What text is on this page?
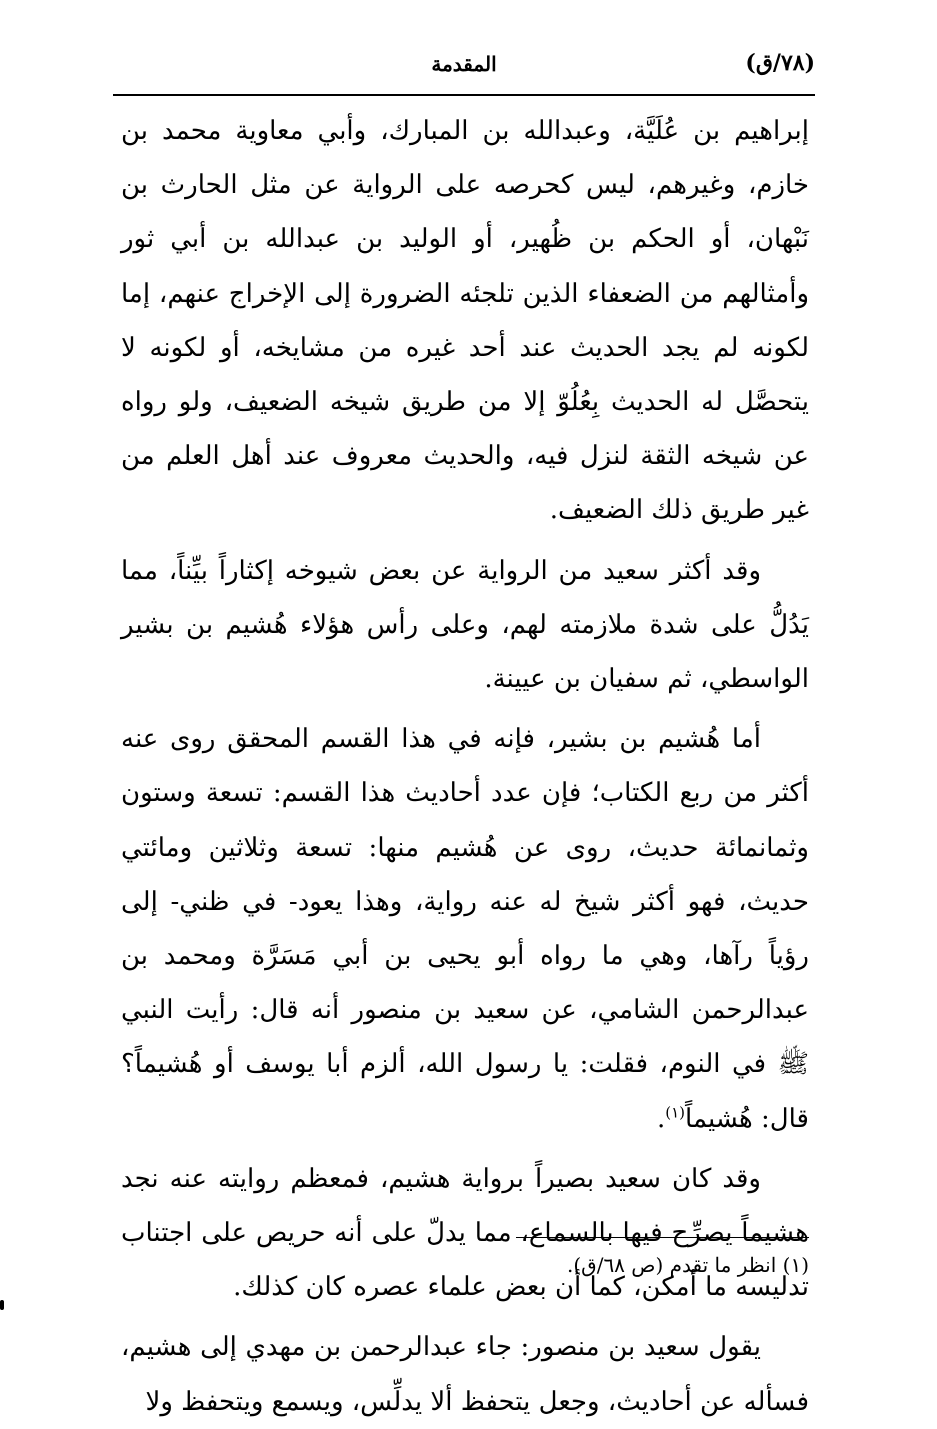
(٧٨/ق)
المقدمة

إبراهيم بن عُلَيَّة، وعبدالله بن المبارك، وأبي معاوية محمد بن خازم، وغيرهم، ليس كحرصه على الرواية عن مثل الحارث بن نَبْهان، أو الحكم بن ظُهير، أو الوليد بن عبدالله بن أبي ثور وأمثالهم من الضعفاء الذين تلجئه الضرورة إلى الإخراج عنهم، إما لكونه لم يجد الحديث عند أحد غيره من مشايخه، أو لكونه لا يتحصَّل له الحديث بِعُلُوّ إلا من طريق شيخه الضعيف، ولو رواه عن شيخه الثقة لنزل فيه، والحديث معروف عند أهل العلم من غير طريق ذلك الضعيف.

وقد أكثر سعيد من الرواية عن بعض شيوخه إكثاراً بيِّناً، مما يَدُلُّ على شدة ملازمته لهم، وعلى رأس هؤلاء هُشيم بن بشير الواسطي، ثم سفيان بن عيينة.

أما هُشيم بن بشير، فإنه في هذا القسم المحقق روى عنه أكثر من ربع الكتاب؛ فإن عدد أحاديث هذا القسم: تسعة وستون وثمانمائة حديث، روى عن هُشيم منها: تسعة وثلاثين ومائتي حديث، فهو أكثر شيخ له عنه رواية، وهذا يعود- في ظني- إلى رؤياً رآها، وهي ما رواه أبو يحيى بن أبي مَسَرَّة ومحمد بن عبدالرحمن الشامي، عن سعيد بن منصور أنه قال: رأيت النبي ﷺ في النوم، فقلت: يا رسول الله، ألزم أبا يوسف أو هُشيماً؟ قال: هُشيماً$^{(١)}$.

وقد كان سعيد بصيراً برواية هشيم، فمعظم روايته عنه نجد هشيماً يصرِّح فيها بالسماع، مما يدلّ على أنه حريص على اجتناب تدليسه ما أمكن، كما أن بعض علماء عصره كان كذلك.

يقول سعيد بن منصور: جاء عبدالرحمن بن مهدي إلى هشيم، فسأله عن أحاديث، وجعل يتحفظ ألا يدلِّس، ويسمع ويتحفظ ولا

(١) انظر ما تقدم (ص ٦٨/ق).
